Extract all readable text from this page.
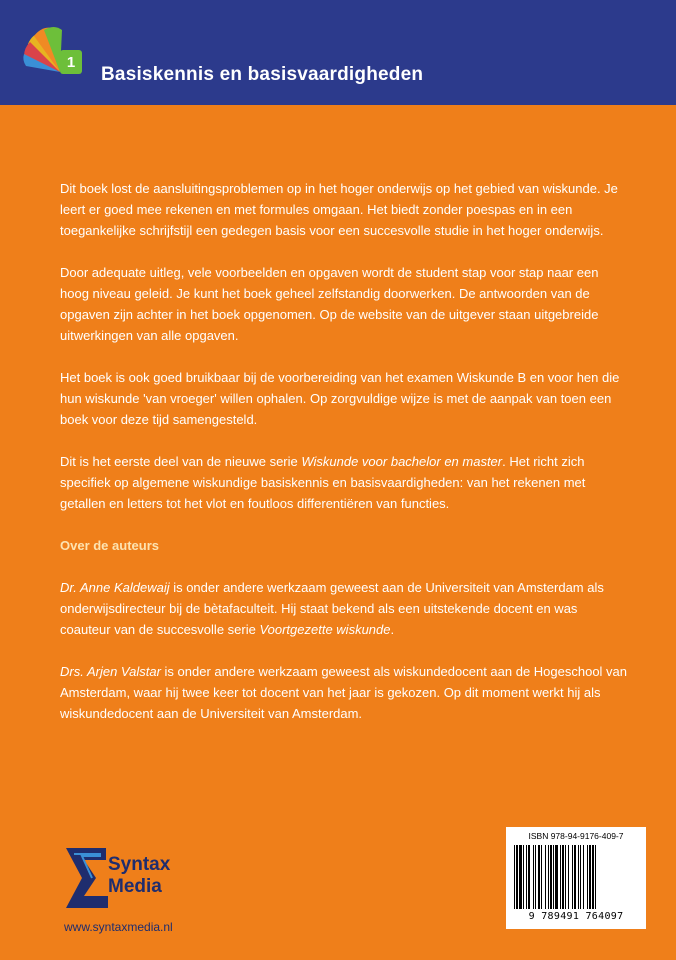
1
Basiskennis en basisvaardigheden

Dit boek lost de aansluitingsproblemen op in het hoger onderwijs op het gebied van wiskunde. Je leert er goed mee rekenen en met formules omgaan. Het biedt zonder poespas en in een toegankelijke schrijfstijl een gedegen basis voor een succesvolle studie in het hoger onderwijs.

Door adequate uitleg, vele voorbeelden en opgaven wordt de student stap voor stap naar een hoog niveau geleid. Je kunt het boek geheel zelfstandig doorwerken. De antwoorden van de opgaven zijn achter in het boek opgenomen. Op de website van de uitgever staan uitgebreide uitwerkingen van alle opgaven.

Het boek is ook goed bruikbaar bij de voorbereiding van het examen Wiskunde B en voor hen die hun wiskunde 'van vroeger' willen ophalen. Op zorgvuldige wijze is met de aanpak van toen een boek voor deze tijd samengesteld.

Dit is het eerste deel van de nieuwe serie Wiskunde voor bachelor en master. Het richt zich specifiek op algemene wiskundige basiskennis en basisvaardigheden: van het rekenen met getallen en letters tot het vlot en foutloos differentiëren van functies.

Over de auteurs

Dr. Anne Kaldewaij is onder andere werkzaam geweest aan de Universiteit van Amsterdam als onderwijsdirecteur bij de bètafaculteit. Hij staat bekend als een uitstekende docent en was coauteur van de succesvolle serie Voortgezette wiskunde.

Drs. Arjen Valstar is onder andere werkzaam geweest als wiskundedocent aan de Hogeschool van Amsterdam, waar hij twee keer tot docent van het jaar is gekozen. Op dit moment werkt hij als wiskundedocent aan de Universiteit van Amsterdam.

Syntax
Media
www.syntaxmedia.nl
ISBN 978-94-9176-409-7
9 789491 764097
